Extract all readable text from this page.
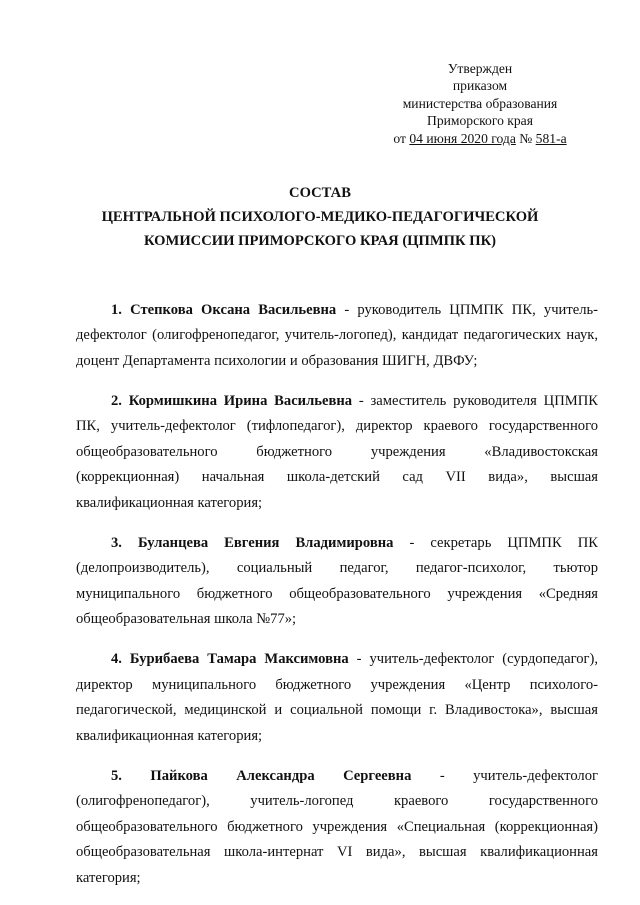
Утвержден
приказом
министерства образования
Приморского края
от 04 июня 2020 года № 581-а
СОСТАВ
ЦЕНТРАЛЬНОЙ ПСИХОЛОГО-МЕДИКО-ПЕДАГОГИЧЕСКОЙ
КОМИССИИ ПРИМОРСКОГО КРАЯ (ЦПМПК ПК)

1. Степкова Оксана Васильевна - руководитель ЦПМПК ПК, учитель-дефектолог (олигофренопедагог, учитель-логопед), кандидат педагогических наук, доцент Департамента психологии и образования ШИГН, ДВФУ;

2. Кормишкина Ирина Васильевна - заместитель руководителя ЦПМПК ПК, учитель-дефектолог (тифлопедагог), директор краевого государственного общеобразовательного бюджетного учреждения «Владивостокская (коррекционная) начальная школа-детский сад VII вида», высшая квалификационная категория;

3. Буланцева Евгения Владимировна - секретарь ЦПМПК ПК (делопроизводитель), социальный педагог, педагог-психолог, тьютор муниципального бюджетного общеобразовательного учреждения «Средняя общеобразовательная школа №77»;

4. Бурибаева Тамара Максимовна - учитель-дефектолог (сурдопедагог), директор муниципального бюджетного учреждения «Центр психолого-педагогической, медицинской и социальной помощи г. Владивостока», высшая квалификационная категория;

5. Пайкова Александра Сергеевна - учитель-дефектолог (олигофренопедагог), учитель-логопед краевого государственного общеобразовательного бюджетного учреждения «Специальная (коррекционная) общеобразовательная школа-интернат VI вида», высшая квалификационная категория;
